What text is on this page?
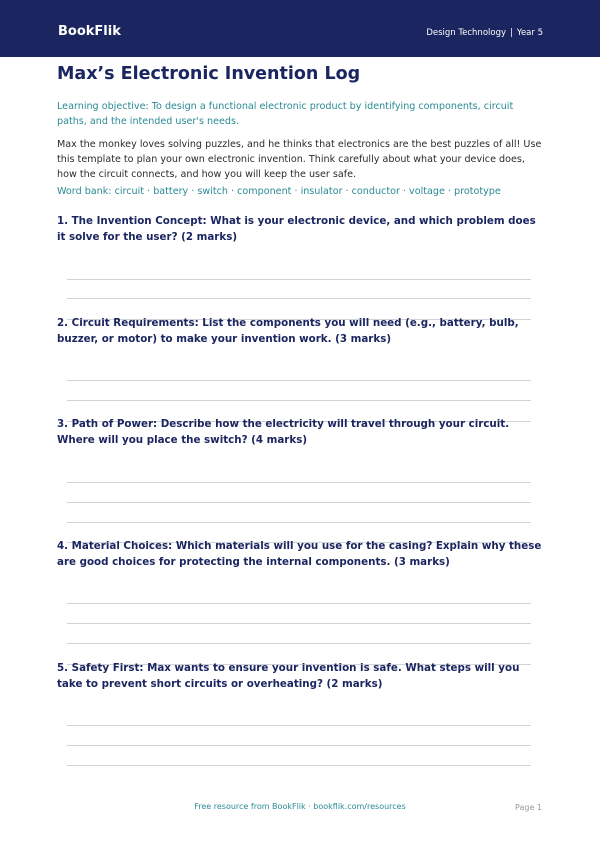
BookFlik	Design Technology | Year 5
Max’s Electronic Invention Log
Learning objective: To design a functional electronic product by identifying components, circuit paths, and the intended user's needs.
Max the monkey loves solving puzzles, and he thinks that electronics are the best puzzles of all! Use this template to plan your own electronic invention. Think carefully about what your device does, how the circuit connects, and how you will keep the user safe.
Word bank: circuit · battery · switch · component · insulator · conductor · voltage · prototype
1. The Invention Concept: What is your electronic device, and which problem does it solve for the user? (2 marks)
2. Circuit Requirements: List the components you will need (e.g., battery, bulb, buzzer, or motor) to make your invention work. (3 marks)
3. Path of Power: Describe how the electricity will travel through your circuit. Where will you place the switch? (4 marks)
4. Material Choices: Which materials will you use for the casing? Explain why these are good choices for protecting the internal components. (3 marks)
5. Safety First: Max wants to ensure your invention is safe. What steps will you take to prevent short circuits or overheating? (2 marks)
Free resource from BookFlik · bookflik.com/resources	Page 1
